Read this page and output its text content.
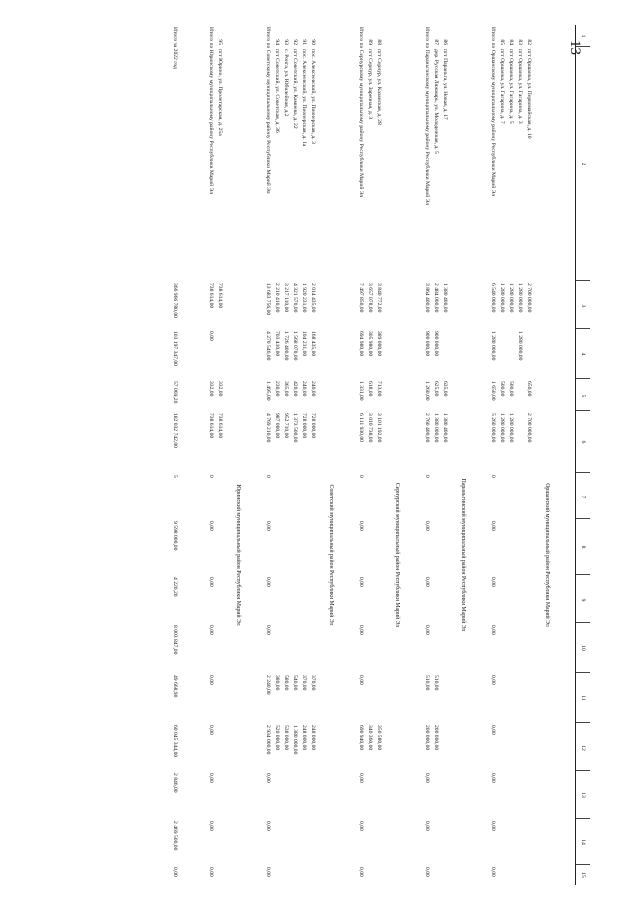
13
1
2
3
4
5
6
7
8
9
10
11
12
13
14
15
Оршанский муниципальный район Республики Марий Эл
82
пгт Оршанка, ул. Первомайская, д. 10
2 700 000,00
650,00
2 700 000,00
83
пгт Оршанка, ул. Гагарина, д. 3
1 280 000,00
1 280 000,00
84
пгт Оршанка, ул. Гагарина, д. 5
1 280 000,00
500,00
1 280 000,00
85
пгт Оршанка, ул. Гагарина, д. 7
1 280 000,00
500,00
1 280 000,00
Итого по Оршанскому муниципальному району Республики Марий Эл
6 540 000,00
1 280 000,00
1 650,00
5 260 000,00
0
0,00
0,00
0,00
0,00
0,00
0,00
0,00
0,00
Параньгинский муниципальный район Республики Марий Эл
86
пгт Параньга, ул. Новая, д. 17
1 380 400,00
635,00
1 380 400,00
87
дер. Русская Ляжмарь, ул. Молодежная, д. 5
2 484 000,00
900 000,00
625,00
1 380 000,00
510,00
200 000,00
Итого по Параньгинскому муниципальному району Республики Марий Эл
3 864 400,00
900 000,00
1 260,00
2 760 400,00
0
0,00
0,00
0,00
510,00
200 000,00
0,00
0,00
0,00
Сернурский муниципальный район Республики Марий Эл
88
пгт Сернур, ул. Казанская, д. 28
3 840 772,00
389 000,00
713,00
3 101 192,00
350 580,00
89
пгт Сернур, ул. Заречная, д. 3
3 657 078,00
305 980,00
618,00
3 010 738,00
340 360,00
Итого по Сернурскому муниципальному району Республики Марий Эл
7 497 850,00
694 980,00
1 331,00
6 111 930,00
0
0,00
0,00
0,00
0,00
690 940,00
0,00
0,00
0,00
Советский муниципальный район Республики Марий Эл
90
пос. Алексеевский, ул. Пионерская, д. 3
2 014 435,00
168 435,00
240,00
728 000,00
370,00
248 000,00
91
пос. Алексеевский, ул. Пионерская, д. 1а
1 920 231,00
104 231,00
240,00
728 000,00
370,00
248 000,00
92
пгт Советский, ул. Камнева, д. 22
4 321 570,00
1 568 070,00
420,00
1 373 500,00
540,00
1 380 000,00
93
с. Ронга, ул. Юбилейная, д.2
3 217 110,00
1 726 400,00
365,00
952 710,00
580,00
538 000,00
94
пгт Советский, ул. Советская, д. 36
2 210 410,00
703 410,00
230,00
987 000,00
380,00
520 000,00
Итого по Советскому муниципальному району Республики Марий Эл
13 683 756,00
4 270 546,00
1 495,00
4 769 210,00
0
0,00
0,00
0,00
2 240,00
2 934 000,00
0,00
0,00
0,00
Юринский муниципальный район Республики Марий Эл
95
пгт Юрино, ул. Пролетарская, д. 25а
738 614,00
332,00
738 614,00
Итого по Юринскому муниципальному району Республики Марий Эл
738 614,00
0,00
332,00
738 614,00
0
0,00
0,00
0,00
0,00
0,00
0,00
0,00
0,00
Итого за 2022 год
366 966 780,00
103 197 347,00
57 069,20
182 032 742,00
5
9 598 000,00
4 220,20
8 003 847,00
49 668,90
60 045 344,00
2 846,00
2 469 500,00
0,00
